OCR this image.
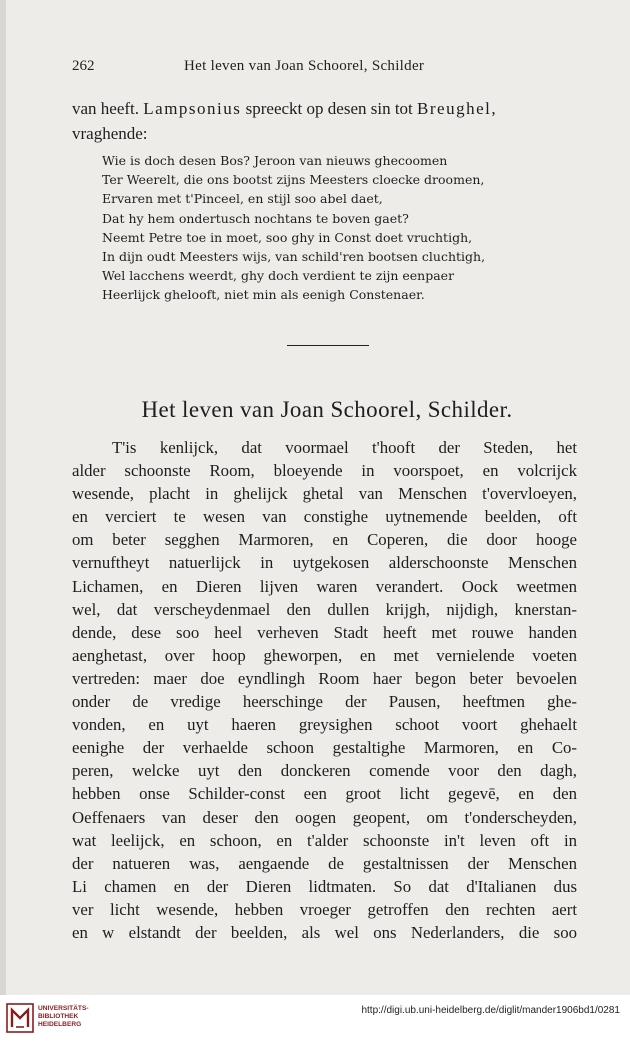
262	Het leven van Joan Schoorel, Schilder
van heeft. Lampsonius spreeckt op desen sin tot Breughel,
vraghende:
Wie is doch desen Bos? Jeroon van nieuws ghecoomen
Ter Weerelt, die ons bootst zijns Meesters cloecke droomen,
Ervaren met t'Pinceel, en stijl soo abel daet,
Dat hy hem ondertusch nochtans te boven gaet?
Neemt Petre toe in moet, soo ghy in Const doet vruchtigh,
In dijn oudt Meesters wijs, van schild'ren bootsen cluchtigh,
Wel lacchens weerdt, ghy doch verdient te zijn eenpaer
Heerlijck ghelooft, niet min als eenigh Constenaer.
Het leven van Joan Schoorel, Schilder.
T'is kenlijck, dat voormael t'hooft der Steden, het
alder schoonste Room, bloeyende in voorspoet, en volcrijck
wesende, placht in ghelijck ghetal van Menschen t'overvloeyen,
en verciert te wesen van constighe uytnemende beelden, oft
om beter segghen Marmoren, en Coperen, die door hooge
vernuftheyt natuerlijck in uytgekosen alderschoonste Menschen
Lichamen, en Dieren lijven waren verandert. Oock weetmen
wel, dat verscheydenmael den dullen krijgh, nijdigh, knerstan-
dende, dese soo heel verheven Stadt heeft met rouwe handen
aenghetast, over hoop gheworpen, en met vernielende voeten
vertreden: maer doe eyndlingh Room haer begon beter bevoelen
onder de vredige heerschinge der Pausen, heeftmen ghe-
vonden, en uyt haeren greysighen schoot voort ghehaelt
eenighe der verhaelde schoon gestaltighe Marmoren, en Co-
peren, welcke uyt den donckeren comende voor den dagh,
hebben onse Schilder-const een groot licht gegevē, en den
Oeffenaers van deser den oogen geopent, om t'onderscheyden,
wat leelijck, en schoon, en t'alder schoonste in't leven oft in
der natueren was, aengaende de gestaltnissen der Menschen
Li chamen en der Dieren lidtmaten. So dat d'Italianen dus
ver licht wesende, hebben vroeger getroffen den rechten aert
en w elstandt der beelden, als wel ons Nederlanders, die soo
UNIVERSITÄTS-
BIBLIOTHEK
HEIDELBERG
http://digi.ub.uni-heidelberg.de/diglit/mander1906bd1/0281
